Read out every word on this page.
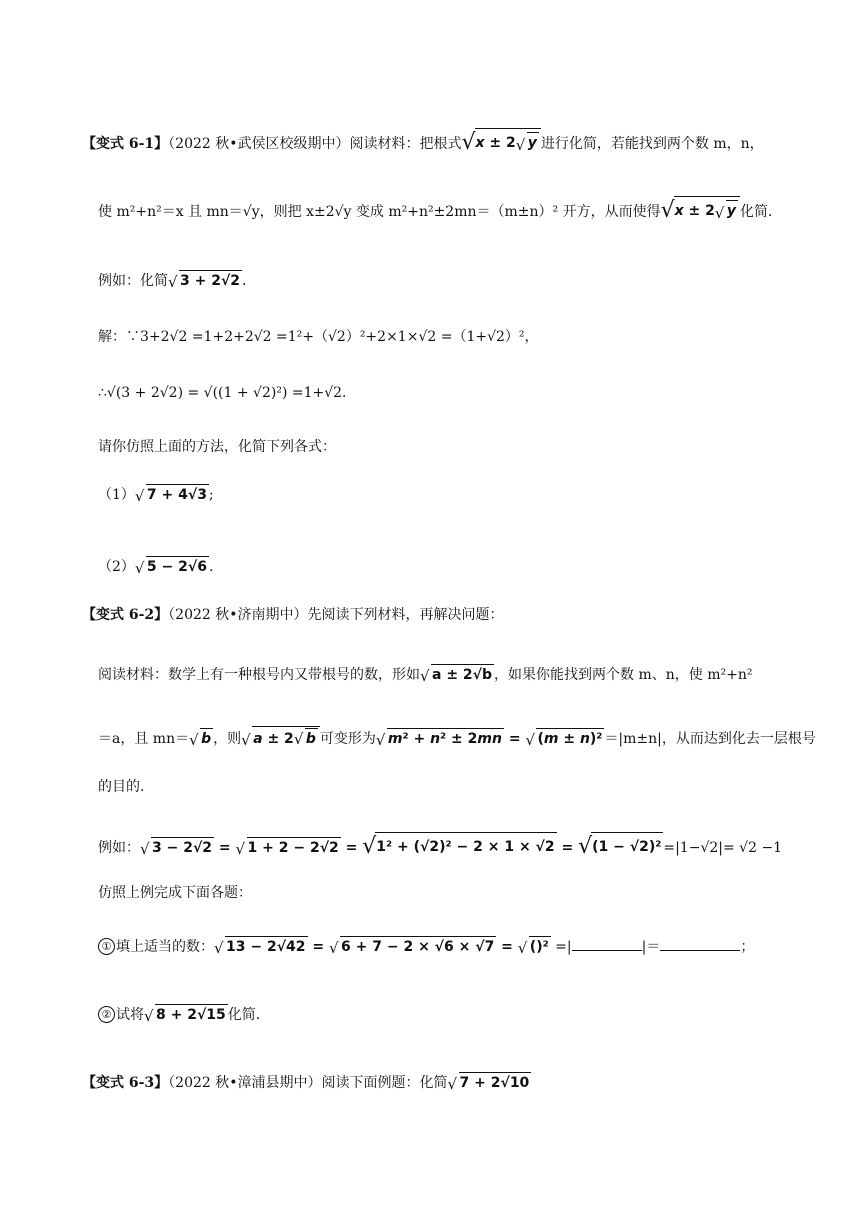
【变式 6-1】（2022 秋•武侯区校级期中）阅读材料：把根式 √ x ± 2 √ y 进行化简，若能找到两个数 m，n，
使 m²+n²＝x 且 mn＝√y，则把 x±2√y 变成 m²+n²±2mn＝（m±n）² 开方，从而使得 √ x ± 2 √ y 化简．
例如：化简 √ 3 + 2√2 .
解：∵3+2√2 =1+2+2√2 =1²+（√2）²+2×1×√2 =（1+√2）²，
∴√(3 + 2√2) = √((1 + √2)²) =1+√2．
请你仿照上面的方法，化简下列各式：
（1） √ 7 + 4√3 ;
（2） √ 5 − 2√6 .
【变式 6-2】（2022 秋•济南期中）先阅读下列材料，再解决问题：
阅读材料：数学上有一种根号内又带根号的数，形如 √ a ± 2√b ，如果你能找到两个数 m、n，使 m²+n²
＝a，且 mn＝ √ b ，则 √ a ± 2 √ b 可变形为 √ m² + n² ± 2mn = √ (m ± n)² ＝|m±n|，从而达到化去一层根号
的目的．
例如： √ 3 − 2√2 = √ 1 + 2 − 2√2 = √ 1² + (√2)² − 2 × 1 × √2 = √ (1 − √2)² =|1−√2|= √2 −1
仿照上例完成下面各题：
① 填上适当的数： √ 13 − 2√42 = √ 6 + 7 − 2 × √6 × √7 = √ ()² =|	|＝	；
② 试将 √ 8 + 2√15 化简．
【变式 6-3】（2022 秋•漳浦县期中）阅读下面例题：化简 √ 7 + 2√10
